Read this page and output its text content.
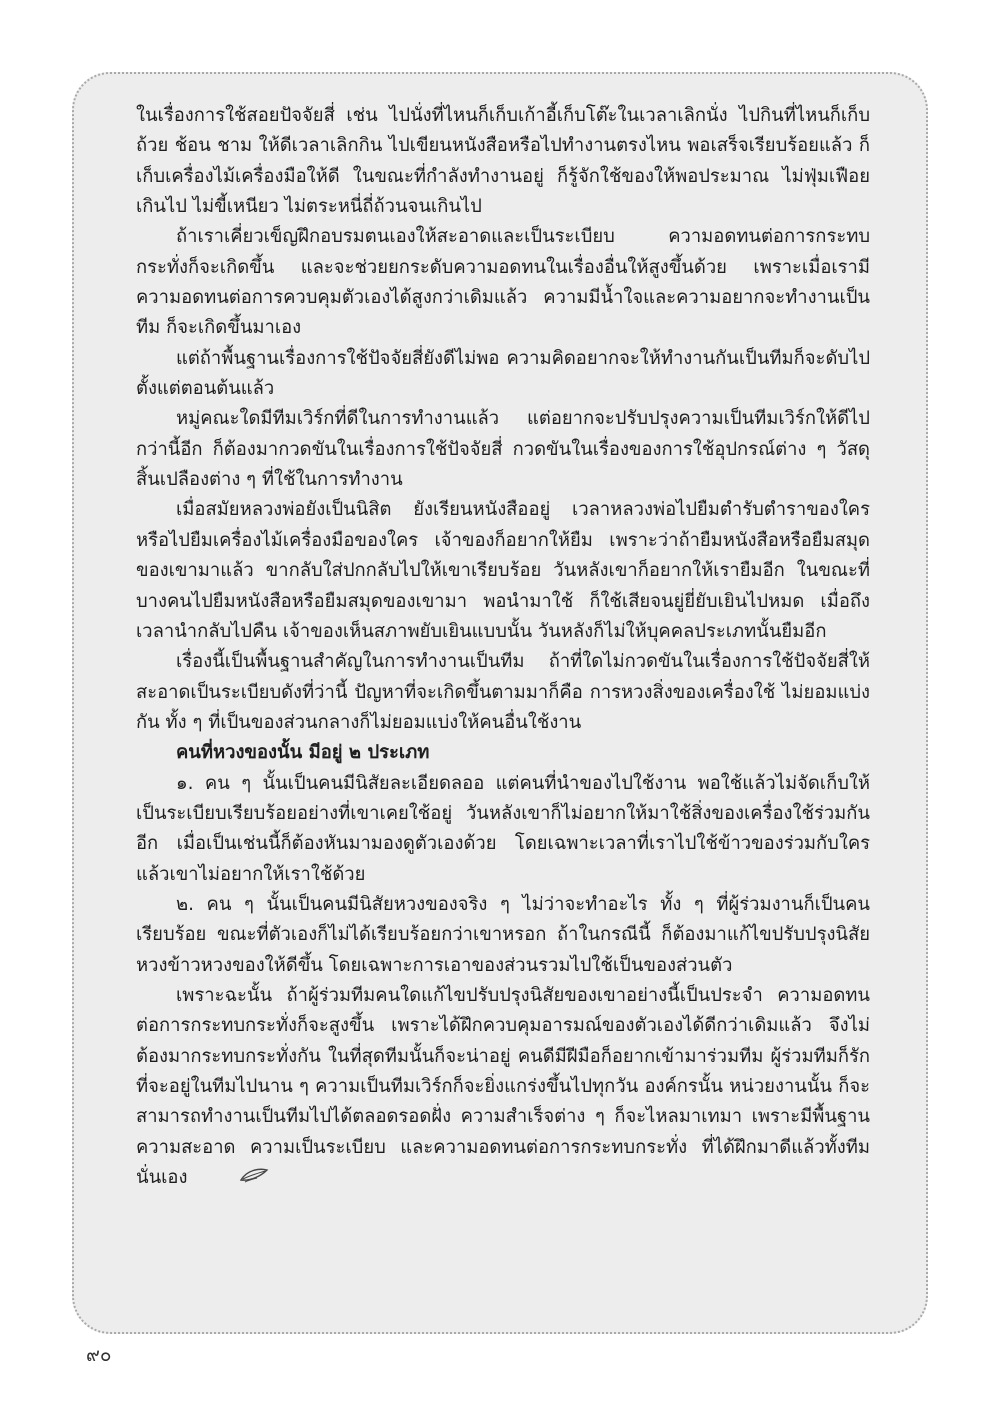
ในเรื่องการใช้สอยปัจจัยสี่ เช่น ไปนั่งที่ไหนก็เก็บเก้าอี้เก็บโต๊ะในเวลาเลิกนั่ง ไปกินที่ไหนก็เก็บถ้วย ช้อน ชาม ให้ดีเวลาเลิกกิน ไปเขียนหนังสือหรือไปทำงานตรงไหน พอเสร็จเรียบร้อยแล้ว ก็เก็บเครื่องไม้เครื่องมือให้ดี ในขณะที่กำลังทำงานอยู่ ก็รู้จักใช้ของให้พอประมาณ ไม่ฟุ่มเฟือยเกินไป ไม่ขี้เหนียว ไม่ตระหนี่ถี่ถ้วนจนเกินไป

ถ้าเราเคี่ยวเข็ญฝึกอบรมตนเองให้สะอาดและเป็นระเบียบ ความอดทนต่อการกระทบกระทั่งก็จะเกิดขึ้น และจะช่วยยกระดับความอดทนในเรื่องอื่นให้สูงขึ้นด้วย เพราะเมื่อเรามีความอดทนต่อการควบคุมตัวเองได้สูงกว่าเดิมแล้ว ความมีน้ำใจและความอยากจะทำงานเป็นทีม ก็จะเกิดขึ้นมาเอง

แต่ถ้าพื้นฐานเรื่องการใช้ปัจจัยสี่ยังดีไม่พอ ความคิดอยากจะให้ทำงานกันเป็นทีมก็จะดับไปตั้งแต่ตอนต้นแล้ว

หมู่คณะใดมีทีมเวิร์กที่ดีในการทำงานแล้ว แต่อยากจะปรับปรุงความเป็นทีมเวิร์กให้ดีไปกว่านี้อีก ก็ต้องมากวดขันในเรื่องการใช้ปัจจัยสี่ กวดขันในเรื่องของการใช้อุปกรณ์ต่าง ๆ วัสดุสิ้นเปลืองต่าง ๆ ที่ใช้ในการทำงาน

เมื่อสมัยหลวงพ่อยังเป็นนิสิต ยังเรียนหนังสืออยู่ เวลาหลวงพ่อไปยืมตำรับตำราของใคร หรือไปยืมเครื่องไม้เครื่องมือของใคร เจ้าของก็อยากให้ยืม เพราะว่าถ้ายืมหนังสือหรือยืมสมุดของเขามาแล้ว ขากลับใส่ปกกลับไปให้เขาเรียบร้อย วันหลังเขาก็อยากให้เรายืมอีก ในขณะที่บางคนไปยืมหนังสือหรือยืมสมุดของเขามา พอนำมาใช้ ก็ใช้เสียจนยู่ยี่ยับเยินไปหมด เมื่อถึงเวลานำกลับไปคืน เจ้าของเห็นสภาพยับเยินแบบนั้น วันหลังก็ไม่ให้บุคคลประเภทนั้นยืมอีก

เรื่องนี้เป็นพื้นฐานสำคัญในการทำงานเป็นทีม ถ้าที่ใดไม่กวดขันในเรื่องการใช้ปัจจัยสี่ให้สะอาดเป็นระเบียบดังที่ว่านี้ ปัญหาที่จะเกิดขึ้นตามมาก็คือ การหวงสิ่งของเครื่องใช้ ไม่ยอมแบ่งกัน ทั้ง ๆ ที่เป็นของส่วนกลางก็ไม่ยอมแบ่งให้คนอื่นใช้งาน

คนที่หวงของนั้น มีอยู่ ๒ ประเภท

๑. คน ๆ นั้นเป็นคนมีนิสัยละเอียดลออ แต่คนที่นำของไปใช้งาน พอใช้แล้วไม่จัดเก็บให้เป็นระเบียบเรียบร้อยอย่างที่เขาเคยใช้อยู่ วันหลังเขาก็ไม่อยากให้มาใช้สิ่งของเครื่องใช้ร่วมกันอีก เมื่อเป็นเช่นนี้ก็ต้องหันมามองดูตัวเองด้วย โดยเฉพาะเวลาที่เราไปใช้ข้าวของร่วมกับใครแล้วเขาไม่อยากให้เราใช้ด้วย

๒. คน ๆ นั้นเป็นคนมีนิสัยหวงของจริง ๆ ไม่ว่าจะทำอะไร ทั้ง ๆ ที่ผู้ร่วมงานก็เป็นคนเรียบร้อย ขณะที่ตัวเองก็ไม่ได้เรียบร้อยกว่าเขาหรอก ถ้าในกรณีนี้ ก็ต้องมาแก้ไขปรับปรุงนิสัยหวงข้าวหวงของให้ดีขึ้น โดยเฉพาะการเอาของส่วนรวมไปใช้เป็นของส่วนตัว

เพราะฉะนั้น ถ้าผู้ร่วมทีมคนใดแก้ไขปรับปรุงนิสัยของเขาอย่างนี้เป็นประจำ ความอดทนต่อการกระทบกระทั่งก็จะสูงขึ้น เพราะได้ฝึกควบคุมอารมณ์ของตัวเองได้ดีกว่าเดิมแล้ว จึงไม่ต้องมากระทบกระทั่งกัน ในที่สุดทีมนั้นก็จะน่าอยู่ คนดีมีฝีมือก็อยากเข้ามาร่วมทีม ผู้ร่วมทีมก็รักที่จะอยู่ในทีมไปนาน ๆ ความเป็นทีมเวิร์กก็จะยิ่งแกร่งขึ้นไปทุกวัน องค์กรนั้น หน่วยงานนั้น ก็จะสามารถทำงานเป็นทีมไปได้ตลอดรอดฝั่ง ความสำเร็จต่าง ๆ ก็จะไหลมาเทมา เพราะมีพื้นฐานความสะอาด ความเป็นระเบียบ และความอดทนต่อการกระทบกระทั่ง ที่ได้ฝึกมาดีแล้วทั้งทีมนั่นเอง

๙๐
